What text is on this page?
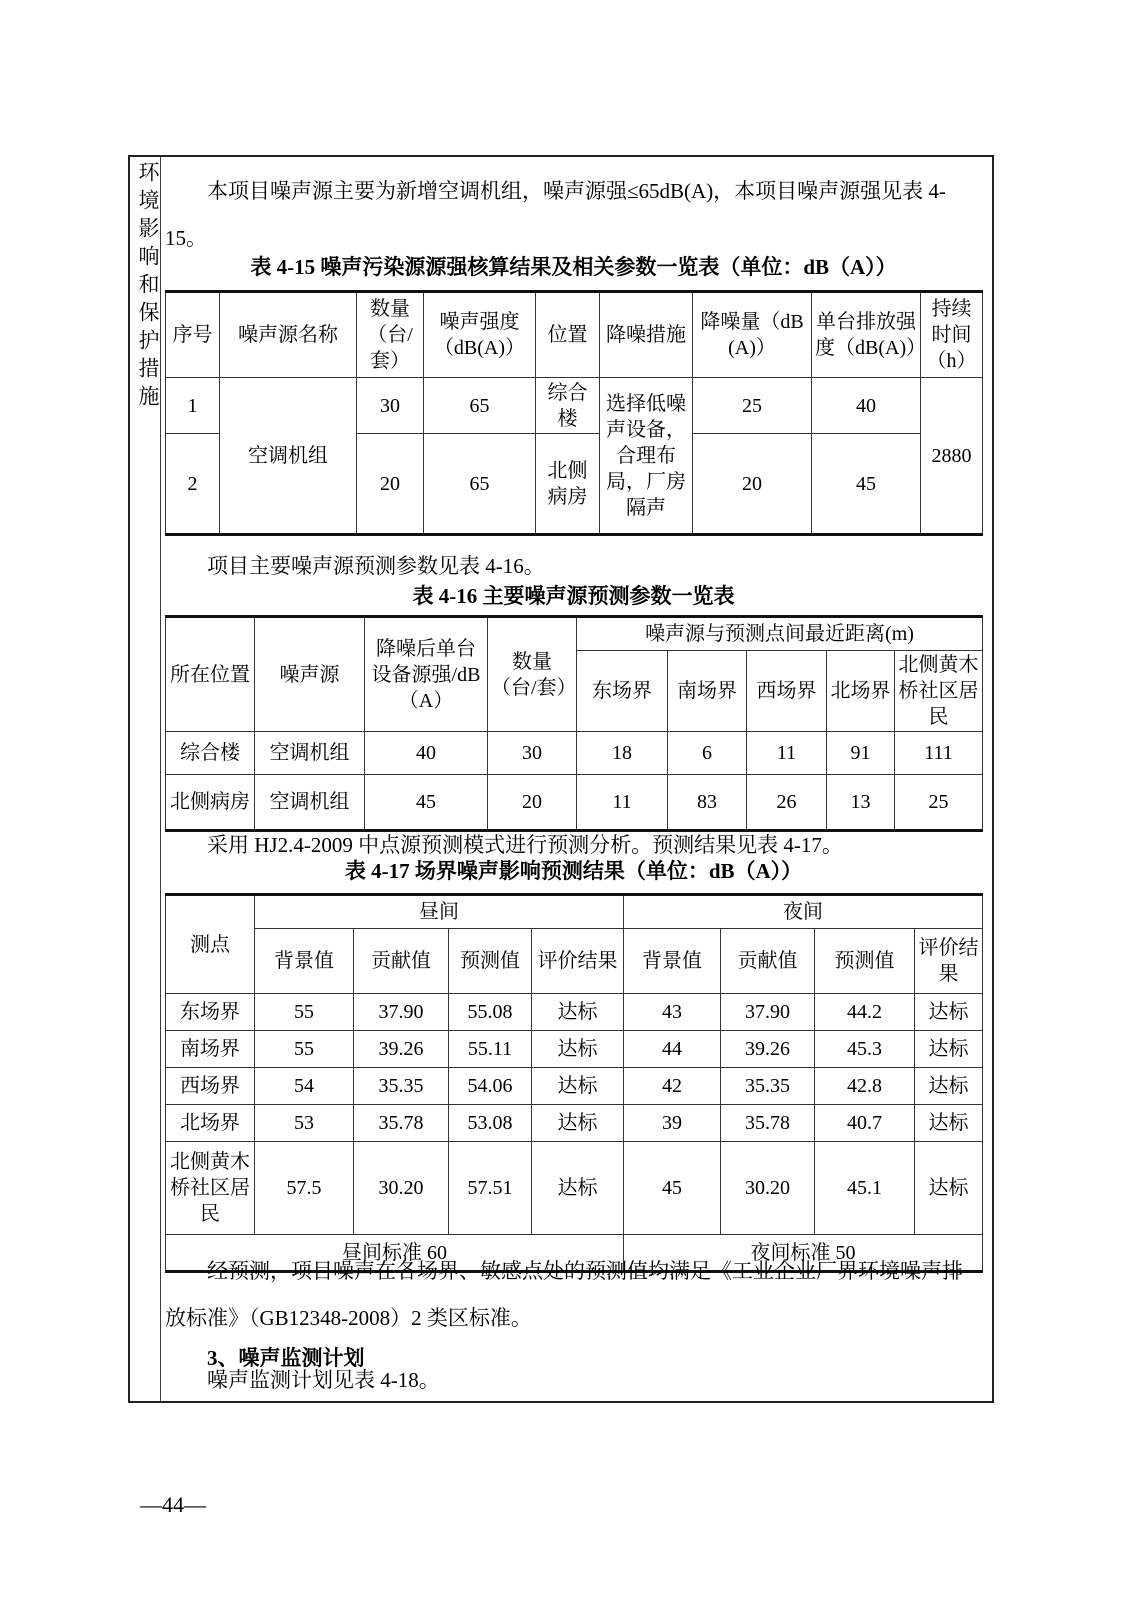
环境影响和保护措施	本项目噪声源主要为新增空调机组，噪声源强≤65dB(A)，本项目噪声源强见表 4-15。
表 4-15 噪声污染源源强核算结果及相关参数一览表（单位：dB（A））
序号	噪声源名称	数量（台/套）	噪声强度（dB(A)）	位置	降噪措施	降噪量（dB(A)）	单台排放强度（dB(A)）	持续时间（h）
1	空调机组	30	65	综合楼	选择低噪声设备，合理布局，厂房隔声	25	40	2880
2		20	65	北侧病房		20	45	
项目主要噪声源预测参数见表 4-16。
表 4-16 主要噪声源预测参数一览表
所在位置	噪声源	降噪后单台设备源强/dB（A）	数量（台/套）	噪声源与预测点间最近距离(m)				
				东场界	南场界	西场界	北场界	北侧黄木桥社区居民
综合楼	空调机组	40	30	18	6	11	91	111
北侧病房	空调机组	45	20	11	83	26	13	25
采用 HJ2.4-2009 中点源预测模式进行预测分析。预测结果见表 4-17。
表 4-17 场界噪声影响预测结果（单位：dB（A））
测点	昼间				夜间			
	背景值	贡献值	预测值	评价结果	背景值	贡献值	预测值	评价结果
东场界	55	37.90	55.08	达标	43	37.90	44.2	达标
南场界	55	39.26	55.11	达标	44	39.26	45.3	达标
西场界	54	35.35	54.06	达标	42	35.35	42.8	达标
北场界	53	35.78	53.08	达标	39	35.78	40.7	达标
北侧黄木桥社区居民	57.5	30.20	57.51	达标	45	30.20	45.1	达标
昼间标准 60					夜间标准 50			
经预测，项目噪声在各场界、敏感点处的预测值均满足《工业企业厂界环境噪声排放标准》（GB12348-2008）2 类区标准。
3、噪声监测计划
噪声监测计划见表 4-18。
—44—
